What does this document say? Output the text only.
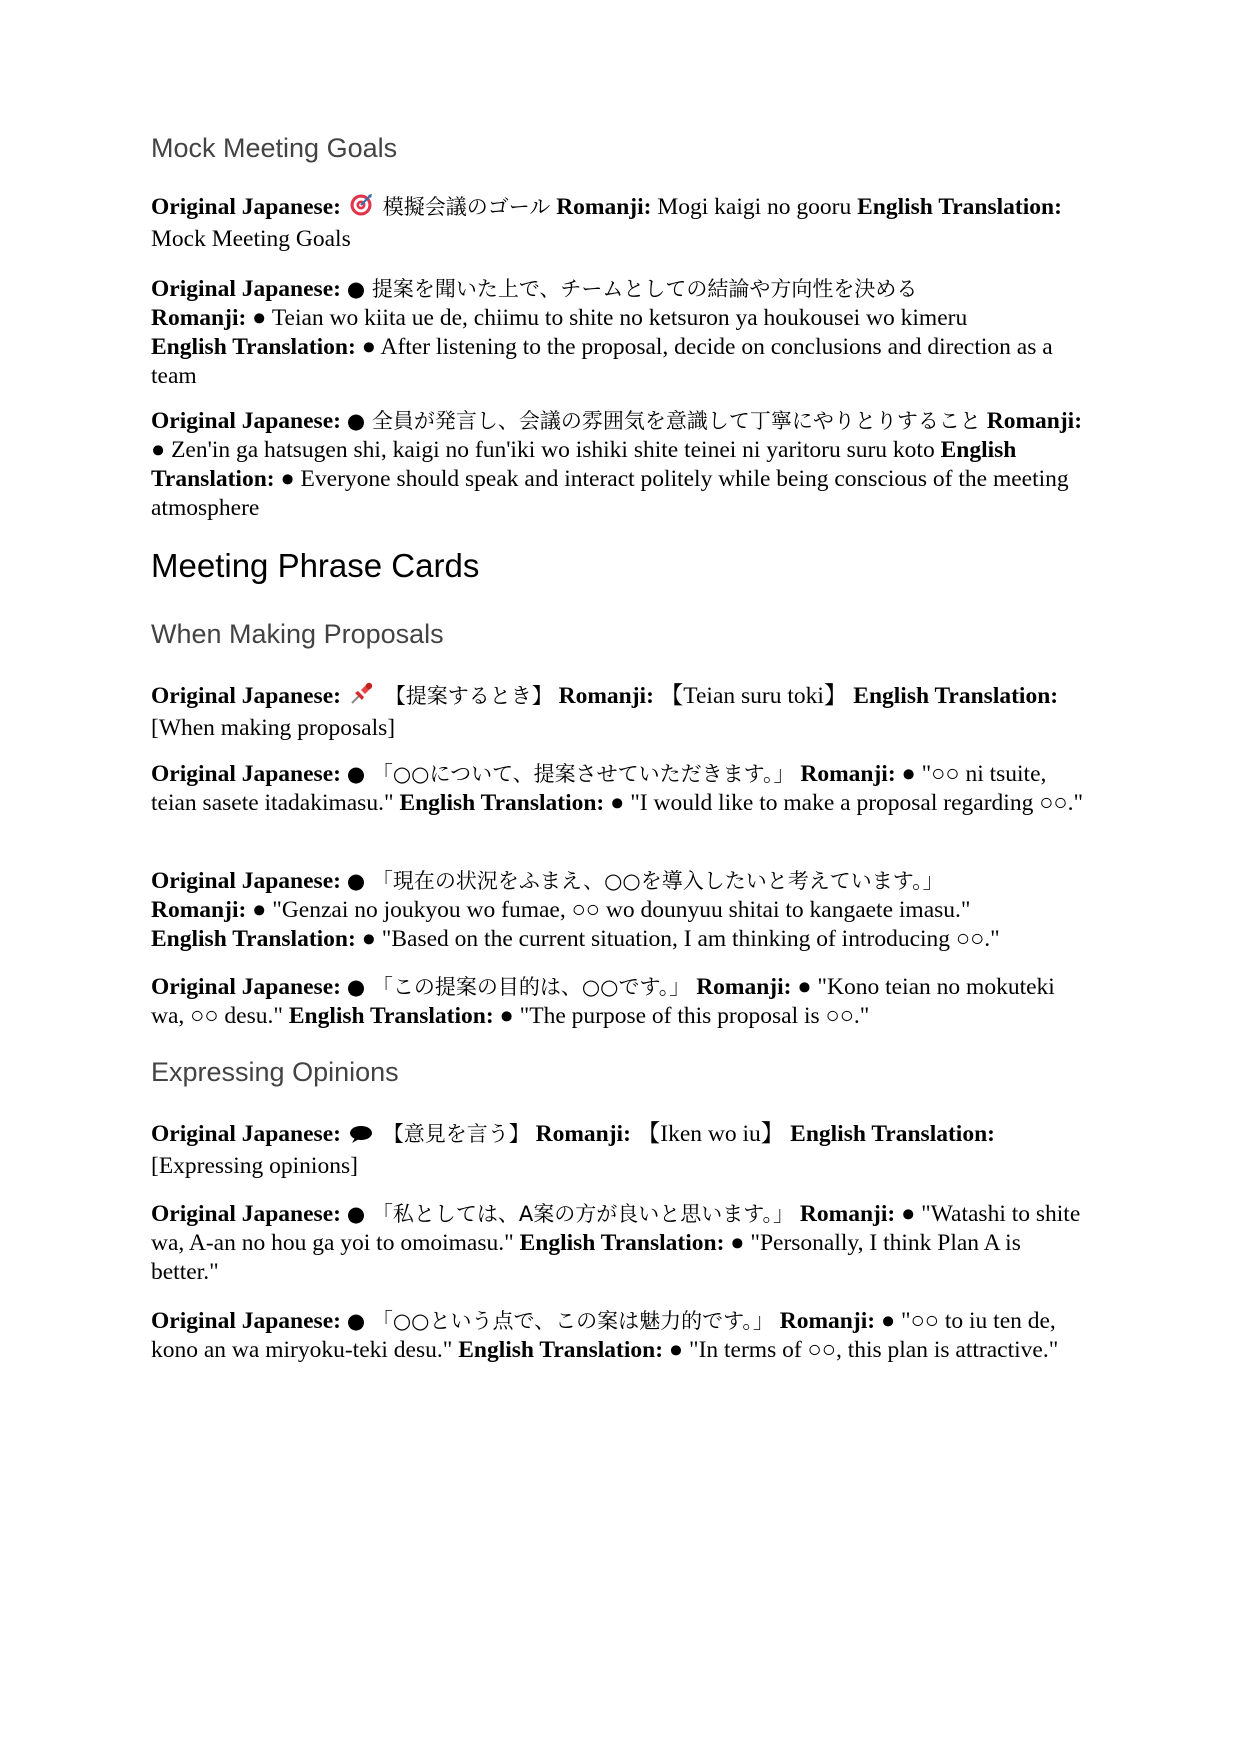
Mock Meeting Goals

Original Japanese: 模擬会議のゴール Romanji: Mogi kaigi no gooru English Translation: Mock Meeting Goals

Original Japanese: ● 提案を聞いた上で、チームとしての結論や方向性を決める
Romanji: ● Teian wo kiita ue de, chiimu to shite no ketsuron ya houkousei wo kimeru
English Translation: ● After listening to the proposal, decide on conclusions and direction as a team

Original Japanese: ● 全員が発言し、会議の雰囲気を意識して丁寧にやりとりすること Romanji: ● Zen'in ga hatsugen shi, kaigi no fun'iki wo ishiki shite teinei ni yaritoru suru koto English Translation: ● Everyone should speak and interact politely while being conscious of the meeting atmosphere

Meeting Phrase Cards
When Making Proposals

Original Japanese: 【提案するとき】 Romanji: 【Teian suru toki】 English Translation: [When making proposals]

Original Japanese: ● 「○○について、提案させていただきます。」 Romanji: ● "○○ ni tsuite, teian sasete itadakimasu." English Translation: ● "I would like to make a proposal regarding ○○."

Original Japanese: ● 「現在の状況をふまえ、○○を導入したいと考えています。」
Romanji: ● "Genzai no joukyou wo fumae, ○○ wo dounyuu shitai to kangaete imasu."
English Translation: ● "Based on the current situation, I am thinking of introducing ○○."

Original Japanese: ● 「この提案の目的は、○○です。」 Romanji: ● "Kono teian no mokuteki wa, ○○ desu." English Translation: ● "The purpose of this proposal is ○○."

Expressing Opinions

Original Japanese: 【意見を言う】 Romanji: 【Iken wo iu】 English Translation: [Expressing opinions]

Original Japanese: ● 「私としては、A案の方が良いと思います。」 Romanji: ● "Watashi to shite wa, A-an no hou ga yoi to omoimasu." English Translation: ● "Personally, I think Plan A is better."

Original Japanese: ● 「○○という点で、この案は魅力的です。」 Romanji: ● "○○ to iu ten de, kono an wa miryoku-teki desu." English Translation: ● "In terms of ○○, this plan is attractive."
